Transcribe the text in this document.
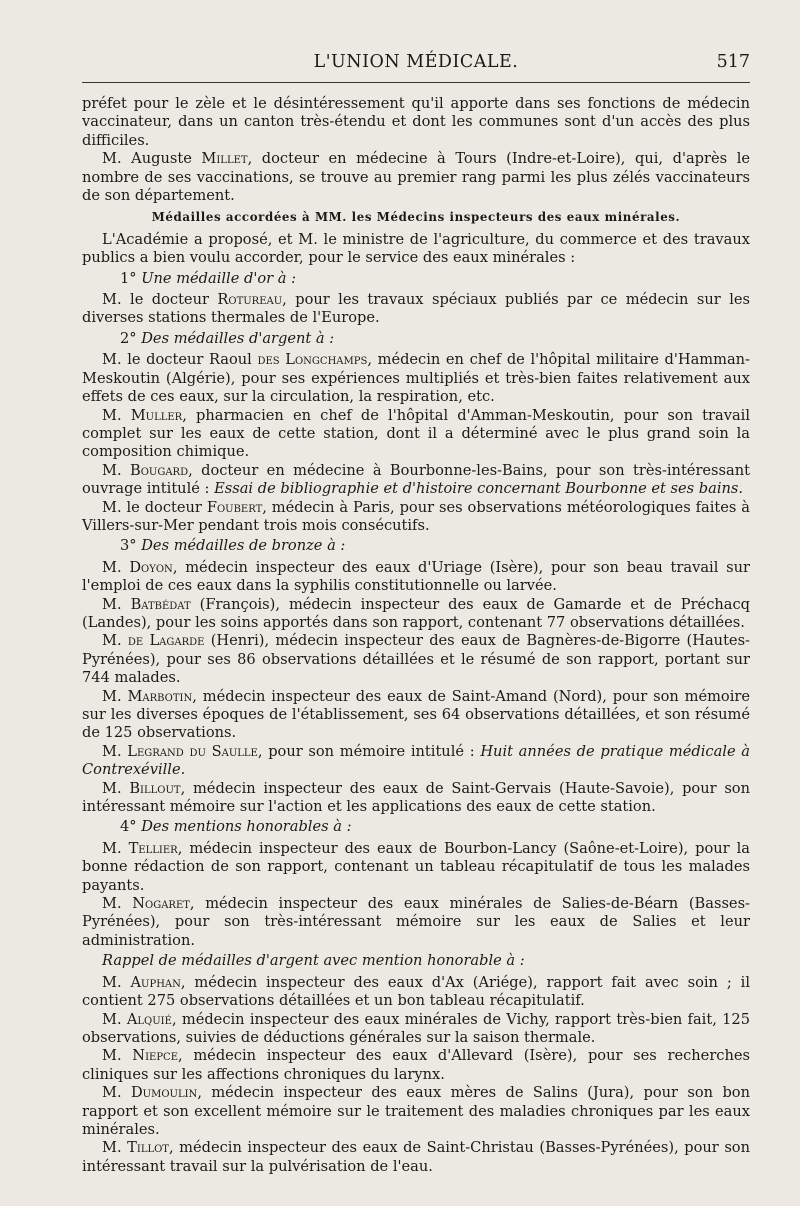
L'UNION MÉDICALE.	517

préfet pour le zèle et le désintéressement qu'il apporte dans ses fonctions de médecin vaccinateur, dans un canton très-étendu et dont les communes sont d'un accès des plus difficiles.

M. Auguste Millet, docteur en médecine à Tours (Indre-et-Loire), qui, d'après le nombre de ses vaccinations, se trouve au premier rang parmi les plus zélés vaccinateurs de son département.

Médailles accordées à MM. les Médecins inspecteurs des eaux minérales.

L'Académie a proposé, et M. le ministre de l'agriculture, du commerce et des travaux publics a bien voulu accorder, pour le service des eaux minérales :

1° Une médaille d'or à :

M. le docteur Rotureau, pour les travaux spéciaux publiés par ce médecin sur les diverses stations thermales de l'Europe.

2° Des médailles d'argent à :

M. le docteur Raoul des Longchamps, médecin en chef de l'hôpital militaire d'Hamman-Meskoutin (Algérie), pour ses expériences multipliés et très-bien faites relativement aux effets de ces eaux, sur la circulation, la respiration, etc.

M. Muller, pharmacien en chef de l'hôpital d'Amman-Meskoutin, pour son travail complet sur les eaux de cette station, dont il a déterminé avec le plus grand soin la composition chimique.

M. Bougard, docteur en médecine à Bourbonne-les-Bains, pour son très-intéressant ouvrage intitulé : Essai de bibliographie et d'histoire concernant Bourbonne et ses bains.

M. le docteur Foubert, médecin à Paris, pour ses observations météorologiques faites à Villers-sur-Mer pendant trois mois consécutifs.

3° Des médailles de bronze à :

M. Doyon, médecin inspecteur des eaux d'Uriage (Isère), pour son beau travail sur l'emploi de ces eaux dans la syphilis constitutionnelle ou larvée.

M. Batbédat (François), médecin inspecteur des eaux de Gamarde et de Préchacq (Landes), pour les soins apportés dans son rapport, contenant 77 observations détaillées.

M. de Lagarde (Henri), médecin inspecteur des eaux de Bagnères-de-Bigorre (Hautes-Pyrénées), pour ses 86 observations détaillées et le résumé de son rapport, portant sur 744 malades.

M. Marbotin, médecin inspecteur des eaux de Saint-Amand (Nord), pour son mémoire sur les diverses époques de l'établissement, ses 64 observations détaillées, et son résumé de 125 observations.

M. Legrand du Saulle, pour son mémoire intitulé : Huit années de pratique médicale à Contrexéville.

M. Billout, médecin inspecteur des eaux de Saint-Gervais (Haute-Savoie), pour son intéressant mémoire sur l'action et les applications des eaux de cette station.

4° Des mentions honorables à :

M. Tellier, médecin inspecteur des eaux de Bourbon-Lancy (Saône-et-Loire), pour la bonne rédaction de son rapport, contenant un tableau récapitulatif de tous les malades payants.

M. Nogaret, médecin inspecteur des eaux minérales de Salies-de-Béarn (Basses-Pyrénées), pour son très-intéressant mémoire sur les eaux de Salies et leur administration.

Rappel de médailles d'argent avec mention honorable à :

M. Auphan, médecin inspecteur des eaux d'Ax (Ariége), rapport fait avec soin ; il contient 275 observations détaillées et un bon tableau récapitulatif.

M. Alquié, médecin inspecteur des eaux minérales de Vichy, rapport très-bien fait, 125 observations, suivies de déductions générales sur la saison thermale.

M. Niepce, médecin inspecteur des eaux d'Allevard (Isère), pour ses recherches cliniques sur les affections chroniques du larynx.

M. Dumoulin, médecin inspecteur des eaux mères de Salins (Jura), pour son bon rapport et son excellent mémoire sur le traitement des maladies chroniques par les eaux minérales.

M. Tillot, médecin inspecteur des eaux de Saint-Christau (Basses-Pyrénées), pour son intéressant travail sur la pulvérisation de l'eau.
